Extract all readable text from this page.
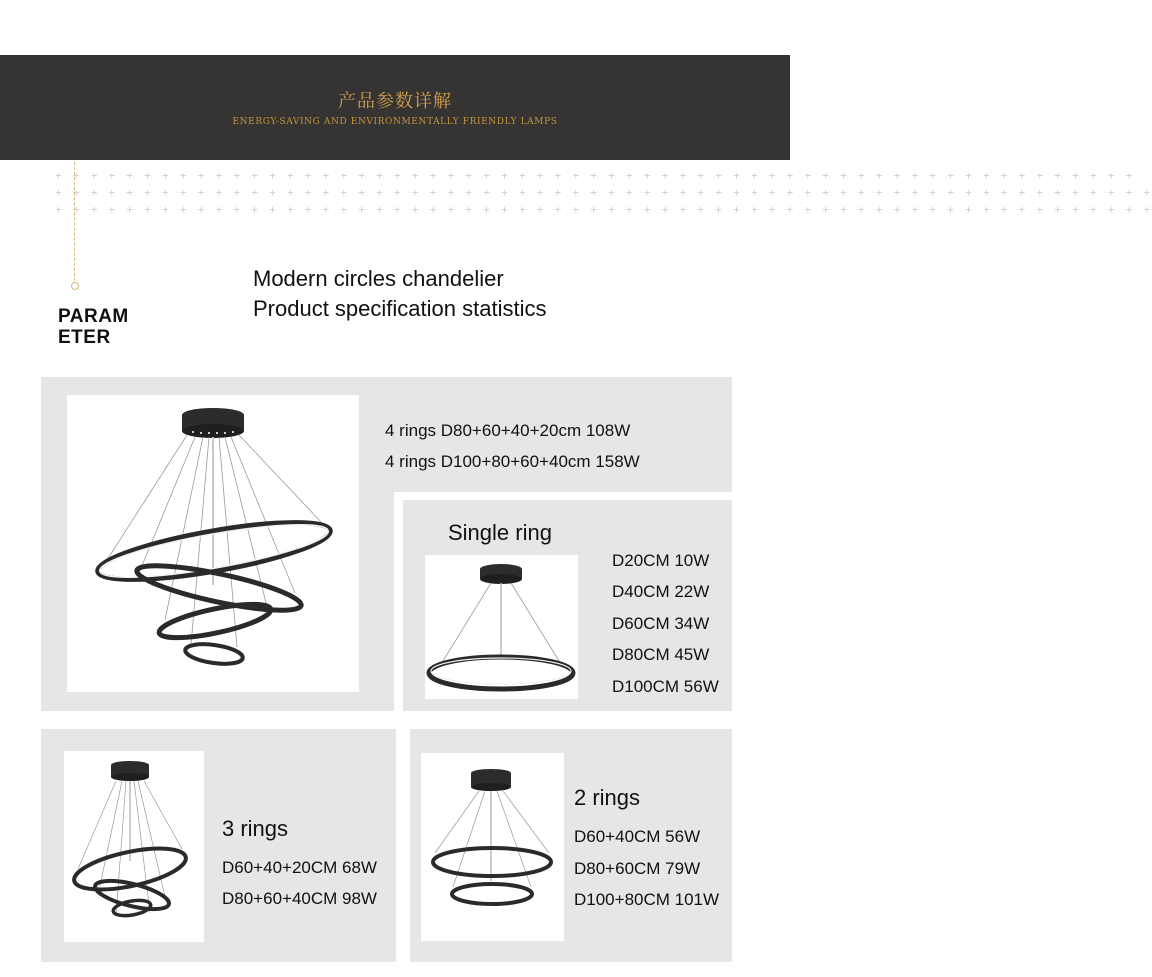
产品参数详解
ENERGY-SAVING AND ENVIRONMENTALLY FRIENDLY LAMPS
+ + + + + + + + + + + + + + + + + + + + + + + + + + + + + + + + + + + + + + + + + + + + + + + + + + + + + + + + + + + + +
+ + + + + + + + + + + + + + + + + + + + + + + + + + + + + + + + + + + + + + + + + + + + + + + + + + + + + + + + + + + + + +
+ + + + + + + + + + + + + + + + + + + + + + + + + + + + + + + + + + + + + + + + + + + + + + + + + + + + + + + + + + + + + +
PARAM
ETER
Modern circles chandelier
Product specification statistics
4 rings D80+60+40+20cm 108W
4 rings D100+80+60+40cm 158W
Single ring
D20CM 10W
D40CM 22W
D60CM 34W
D80CM 45W
D100CM 56W
3 rings
D60+40+20CM 68W
D80+60+40CM 98W
2 rings
D60+40CM 56W
D80+60CM 79W
D100+80CM 101W
